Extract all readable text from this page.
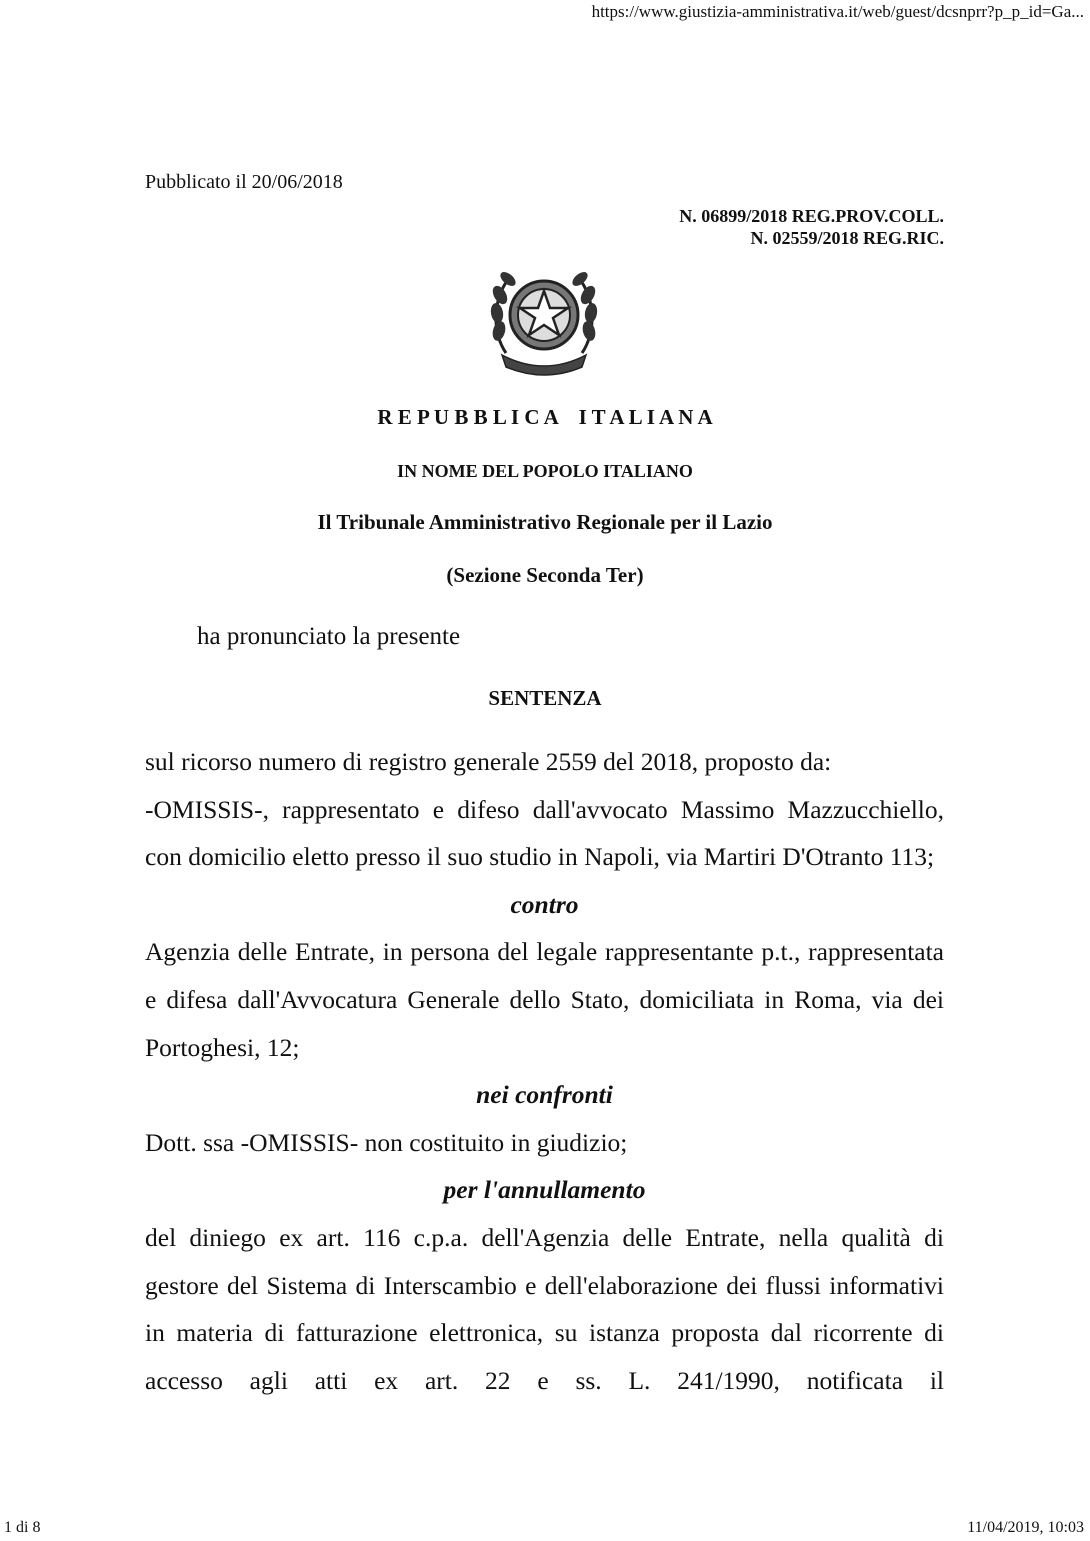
https://www.giustizia-amministrativa.it/web/guest/dcsnprr?p_p_id=Ga...
Pubblicato il 20/06/2018
N. 06899/2018 REG.PROV.COLL.
N. 02559/2018 REG.RIC.
R E P U B B L I C A    I T A L I A N A
IN NOME DEL POPOLO ITALIANO
Il Tribunale Amministrativo Regionale per il Lazio
(Sezione Seconda Ter)
ha pronunciato la presente
SENTENZA

sul ricorso numero di registro generale 2559 del 2018, proposto da:

-OMISSIS-, rappresentato e difeso dall'avvocato Massimo Mazzucchiello, con domicilio eletto presso il suo studio in Napoli, via Martiri D'Otranto 113;

contro

Agenzia delle Entrate, in persona del legale rappresentante p.t., rappresentata e difesa dall'Avvocatura Generale dello Stato, domiciliata in Roma, via dei Portoghesi, 12;

nei confronti

Dott. ssa -OMISSIS- non costituito in giudizio;

per l'annullamento

del diniego ex art. 116 c.p.a. dell'Agenzia delle Entrate, nella qualità di gestore del Sistema di Interscambio e dell'elaborazione dei flussi informativi in materia di fatturazione elettronica, su istanza proposta dal ricorrente di accesso agli atti ex art. 22 e ss. L. 241/1990, notificata il

1 di 8	11/04/2019, 10:03
